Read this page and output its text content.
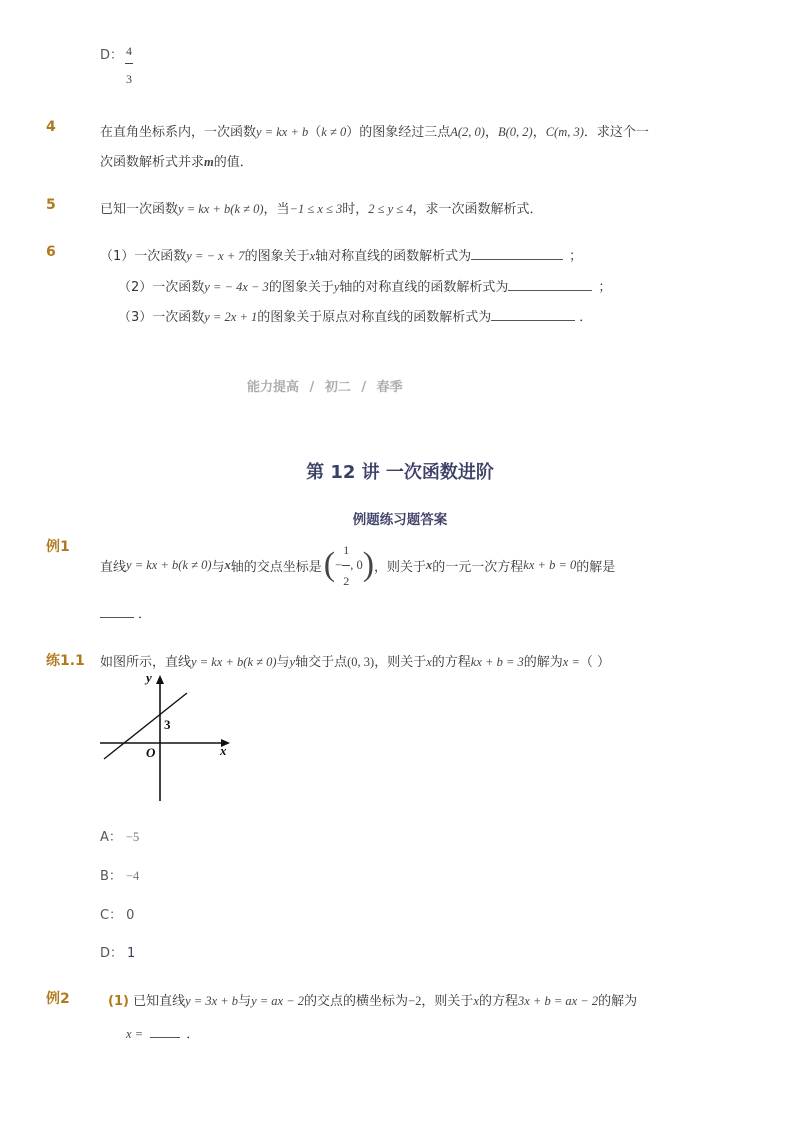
D： 4
3
4	在直角坐标系内，一次函数y = kx + b（k ≠ 0）的图象经过三点A(2, 0)，B(0, 2)，C(m, 3)．求这个一
次函数解析式并求m的值．
5	已知一次函数y = kx + b(k ≠ 0)，当−1 ≤ x ≤ 3时，2 ≤ y ≤ 4，求一次函数解析式．
6	（1）一次函数y = − x + 7的图象关于x轴对称直线的函数解析式为	；
（2）一次函数y = − 4x − 3的图象关于y轴的对称直线的函数解析式为	；
（3）一次函数y = 2x + 1的图象关于原点对称直线的函数解析式为	．
能力提高 / 初二 / 春季
第 12 讲 一次函数进阶
例题练习题答案
例1
直线 y = kx + b(k ≠ 0) 与 x 轴的交点坐标是 ( − $\frac{1}{2}$ , 0 ) ，则关于 x 的一元一次方程 kx + b = 0 的解是
．
练1.1 如图所示，直线y = kx + b(k ≠ 0)与y轴交于点(0, 3)，则关于x的方程kx + b = 3的解为x =（ ）
y
x
O
3
A： −5
B： −4
C： 0
D： 1
例2	(1) 已知直线y = 3x + b与y = ax − 2的交点的横坐标为−2，则关于x的方程3x + b = ax − 2的解为
x =	．
